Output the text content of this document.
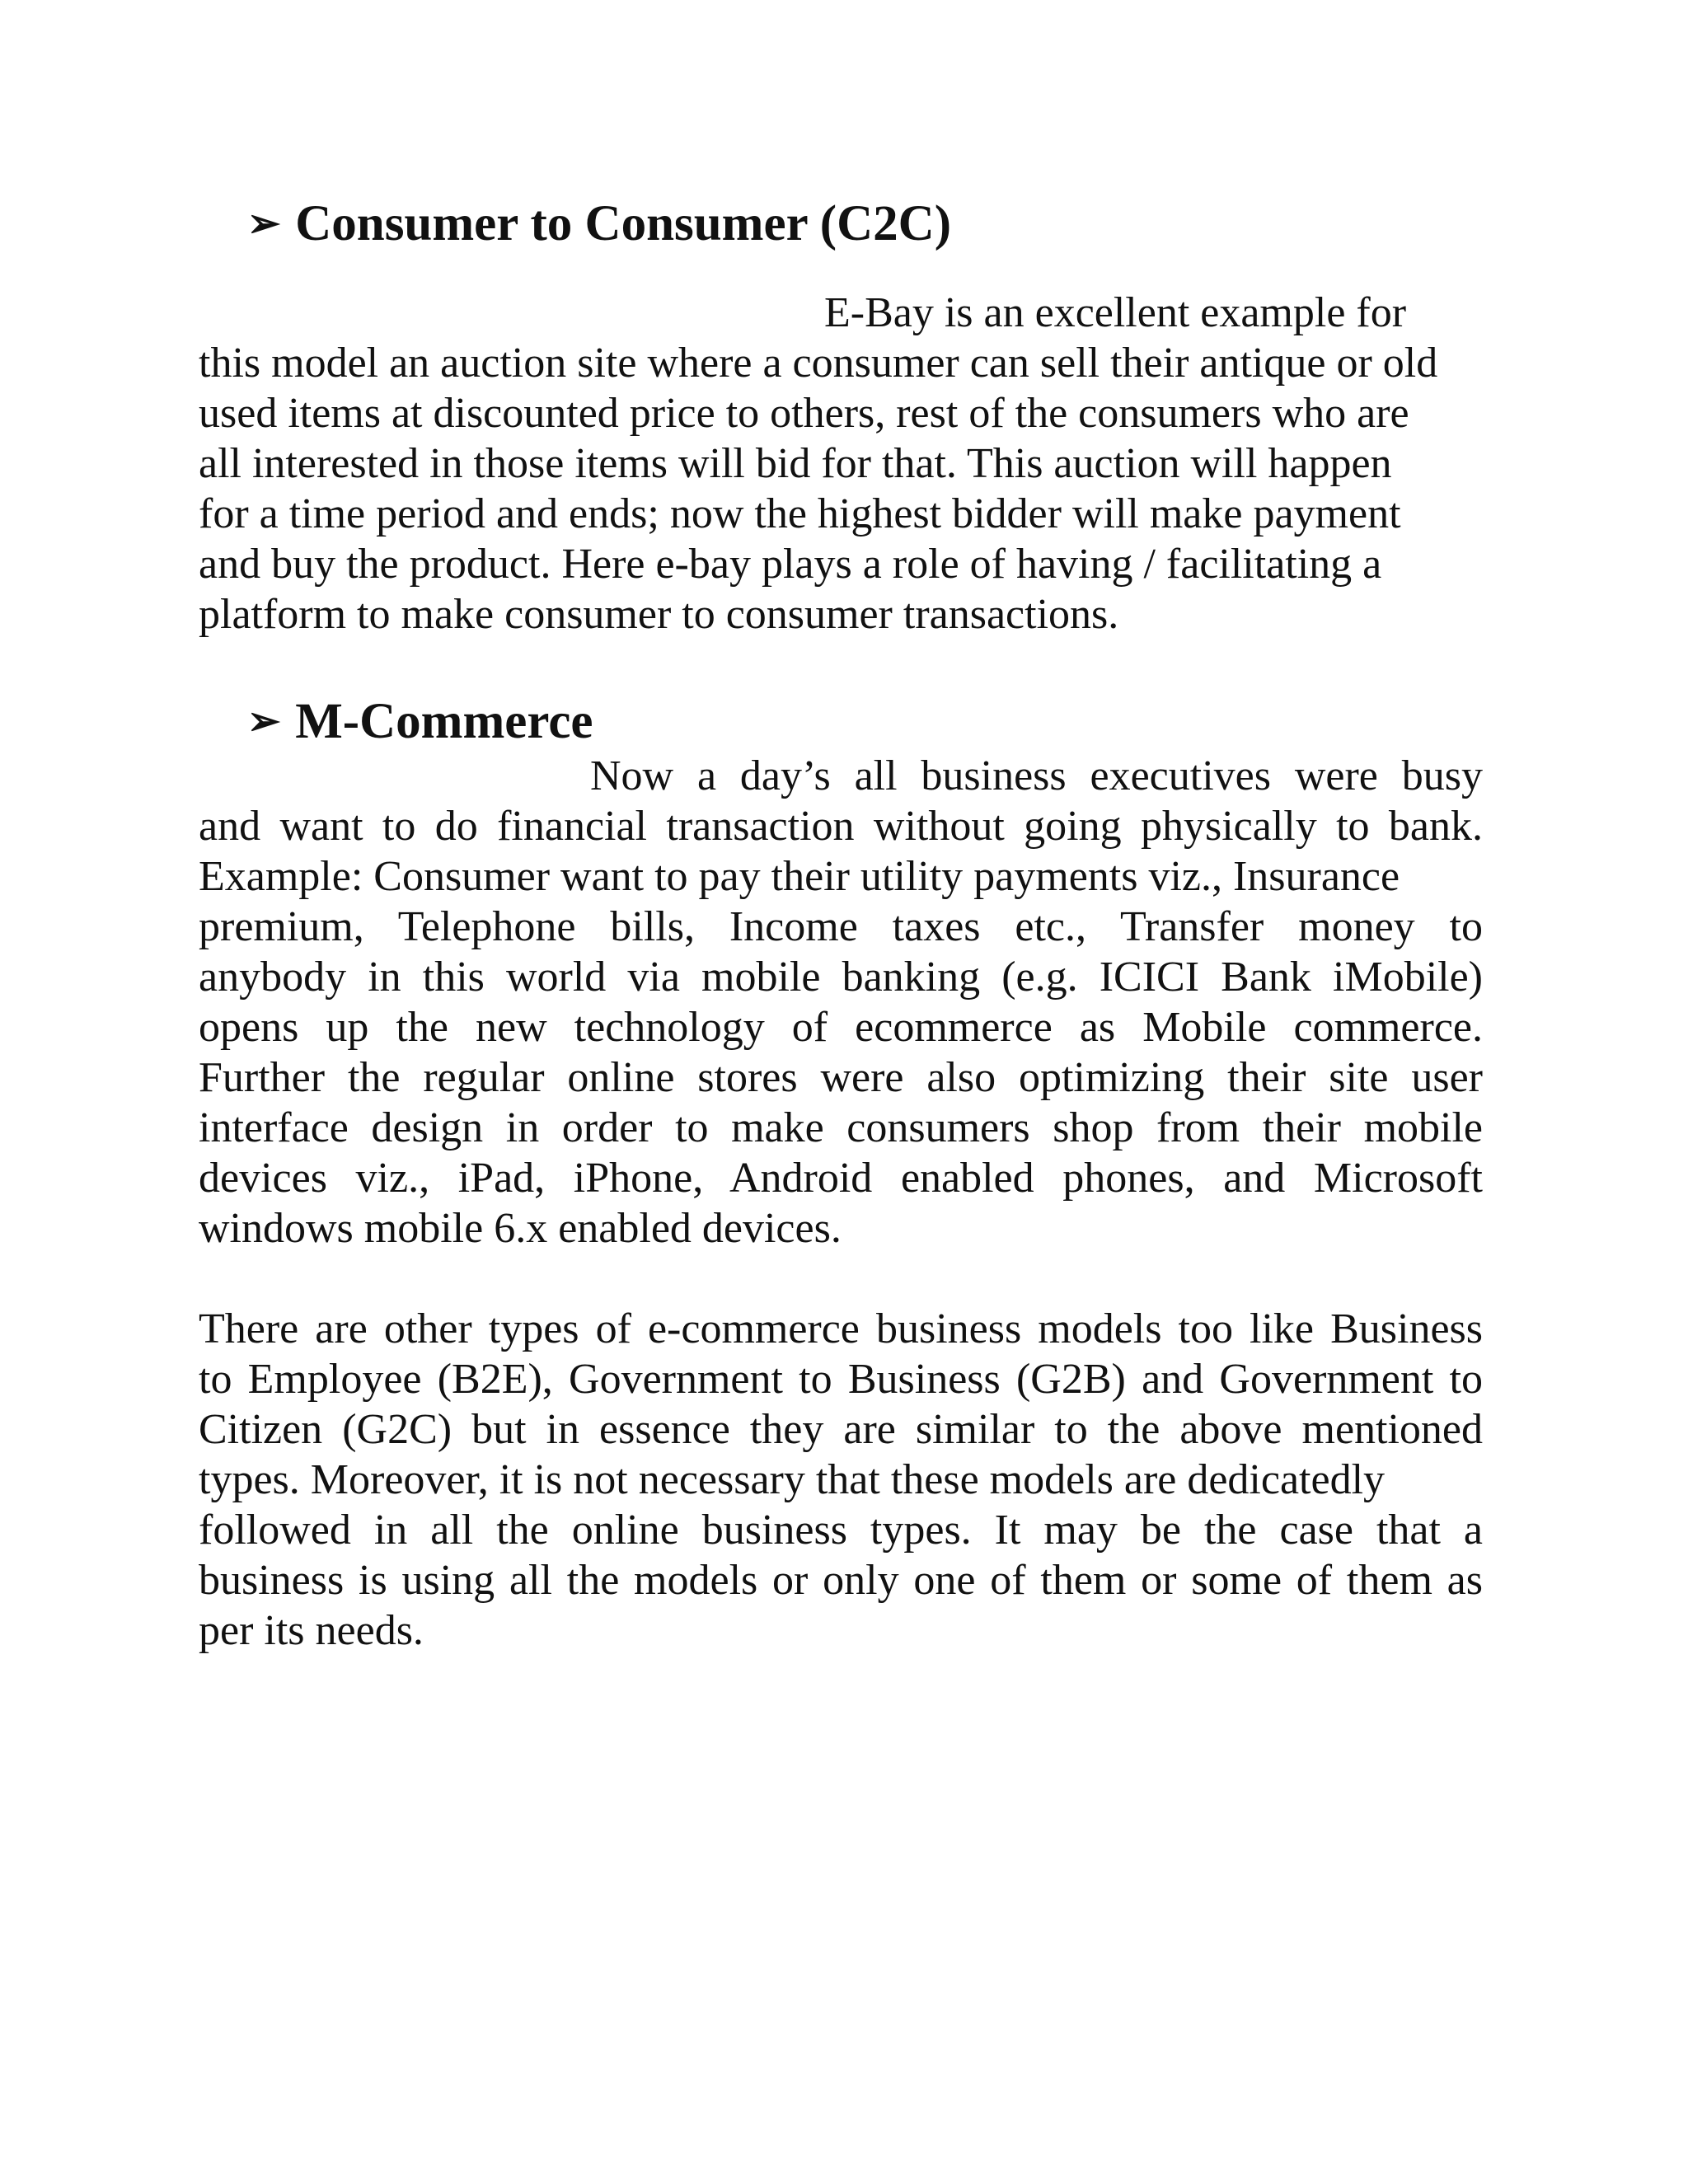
➢ Consumer to Consumer (C2C)

E-Bay is an excellent example for

this model an auction site where a consumer can sell their antique or old

used items at discounted price to others, rest of the consumers who are

all interested in those items will bid for that. This auction will happen

for a time period and ends; now the highest bidder will make payment

and buy the product. Here e-bay plays a role of having / facilitating a

platform to make consumer to consumer transactions.

➢ M-Commerce

Now a day’s all business executives were busy

and want to do financial transaction without going physically to bank.

Example: Consumer want to pay their utility payments viz., Insurance

premium, Telephone bills, Income taxes etc., Transfer money to

anybody in this world via mobile banking (e.g. ICICI Bank iMobile)

opens up the new technology of ecommerce as Mobile commerce.

Further the regular online stores were also optimizing their site user

interface design in order to make consumers shop from their mobile

devices viz., iPad, iPhone, Android enabled phones, and Microsoft

windows mobile 6.x enabled devices.

There are other types of e-commerce business models too like Business

to Employee (B2E), Government to Business (G2B) and Government to

Citizen (G2C) but in essence they are similar to the above mentioned

types. Moreover, it is not necessary that these models are dedicatedly

followed in all the online business types. It may be the case that a

business is using all the models or only one of them or some of them as

per its needs.
